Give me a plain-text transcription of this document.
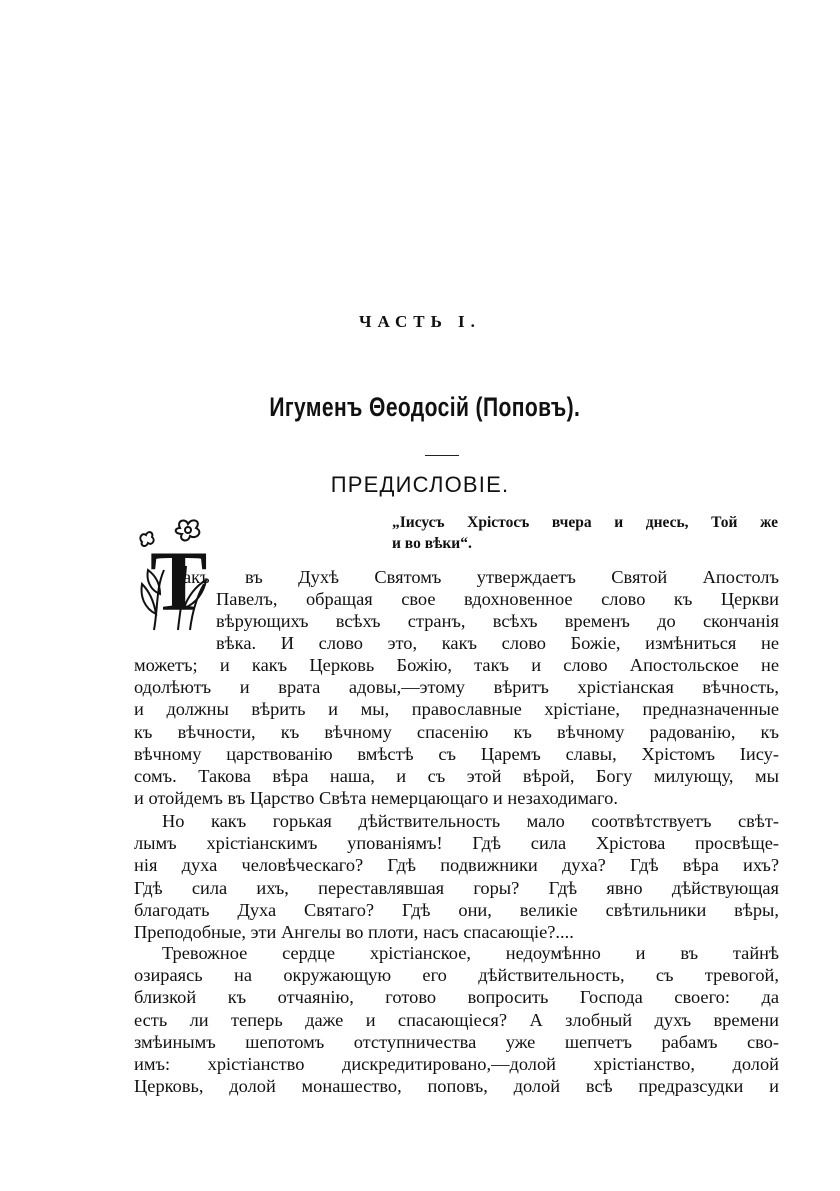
ЧАСТЬ I.
Игуменъ Θеодосій (Поповъ).
ПРЕДИСЛОВІЕ.
„Іисусъ Хрістосъ вчера и днесь, Той же
и во вѣки“.
Т
акъ въ Духѣ Святомъ утверждаетъ Святой Апостолъ
Павелъ, обращая свое вдохновенное слово къ Церкви
вѣрующихъ всѣхъ странъ, всѣхъ временъ до скончанія
вѣка. И слово это, какъ слово Божіе, измѣниться не
можетъ; и какъ Церковь Божію, такъ и слово Апостольское не
одолѣютъ и врата адовы,—этому вѣритъ хрістіанская вѣчность,
и должны вѣрить и мы, православные хрістіане, предназначенные
къ вѣчности, къ вѣчному спасенію къ вѣчному радованію, къ
вѣчному царствованію вмѣстѣ съ Царемъ славы, Хрістомъ Іису-
сомъ. Такова вѣра наша, и съ этой вѣрой, Богу милующу, мы
и отойдемъ въ Царство Свѣта немерцающаго и незаходимаго.
Но какъ горькая дѣйствительность мало соотвѣтствуетъ свѣт-
лымъ хрістіанскимъ упованіямъ! Гдѣ сила Хрістова просвѣще-
нія духа человѣческаго? Гдѣ подвижники духа? Гдѣ вѣра ихъ?
Гдѣ сила ихъ, переставлявшая горы? Гдѣ явно дѣйствующая
благодать Духа Святаго? Гдѣ они, великіе свѣтильники вѣры,
Преподобные, эти Ангелы во плоти, насъ спасающіе?....
Тревожное сердце хрістіанское, недоумѣнно и въ тайнѣ
озираясь на окружающую его дѣйствительность, съ тревогой,
близкой къ отчаянію, готово вопросить Господа своего: да
есть ли теперь даже и спасающіеся? А злобный духъ времени
змѣинымъ шепотомъ отступничества уже шепчетъ рабамъ сво-
имъ: хрістіанство дискредитировано,—долой хрістіанство, долой
Церковь, долой монашество, поповъ, долой всѣ предразсудки и
